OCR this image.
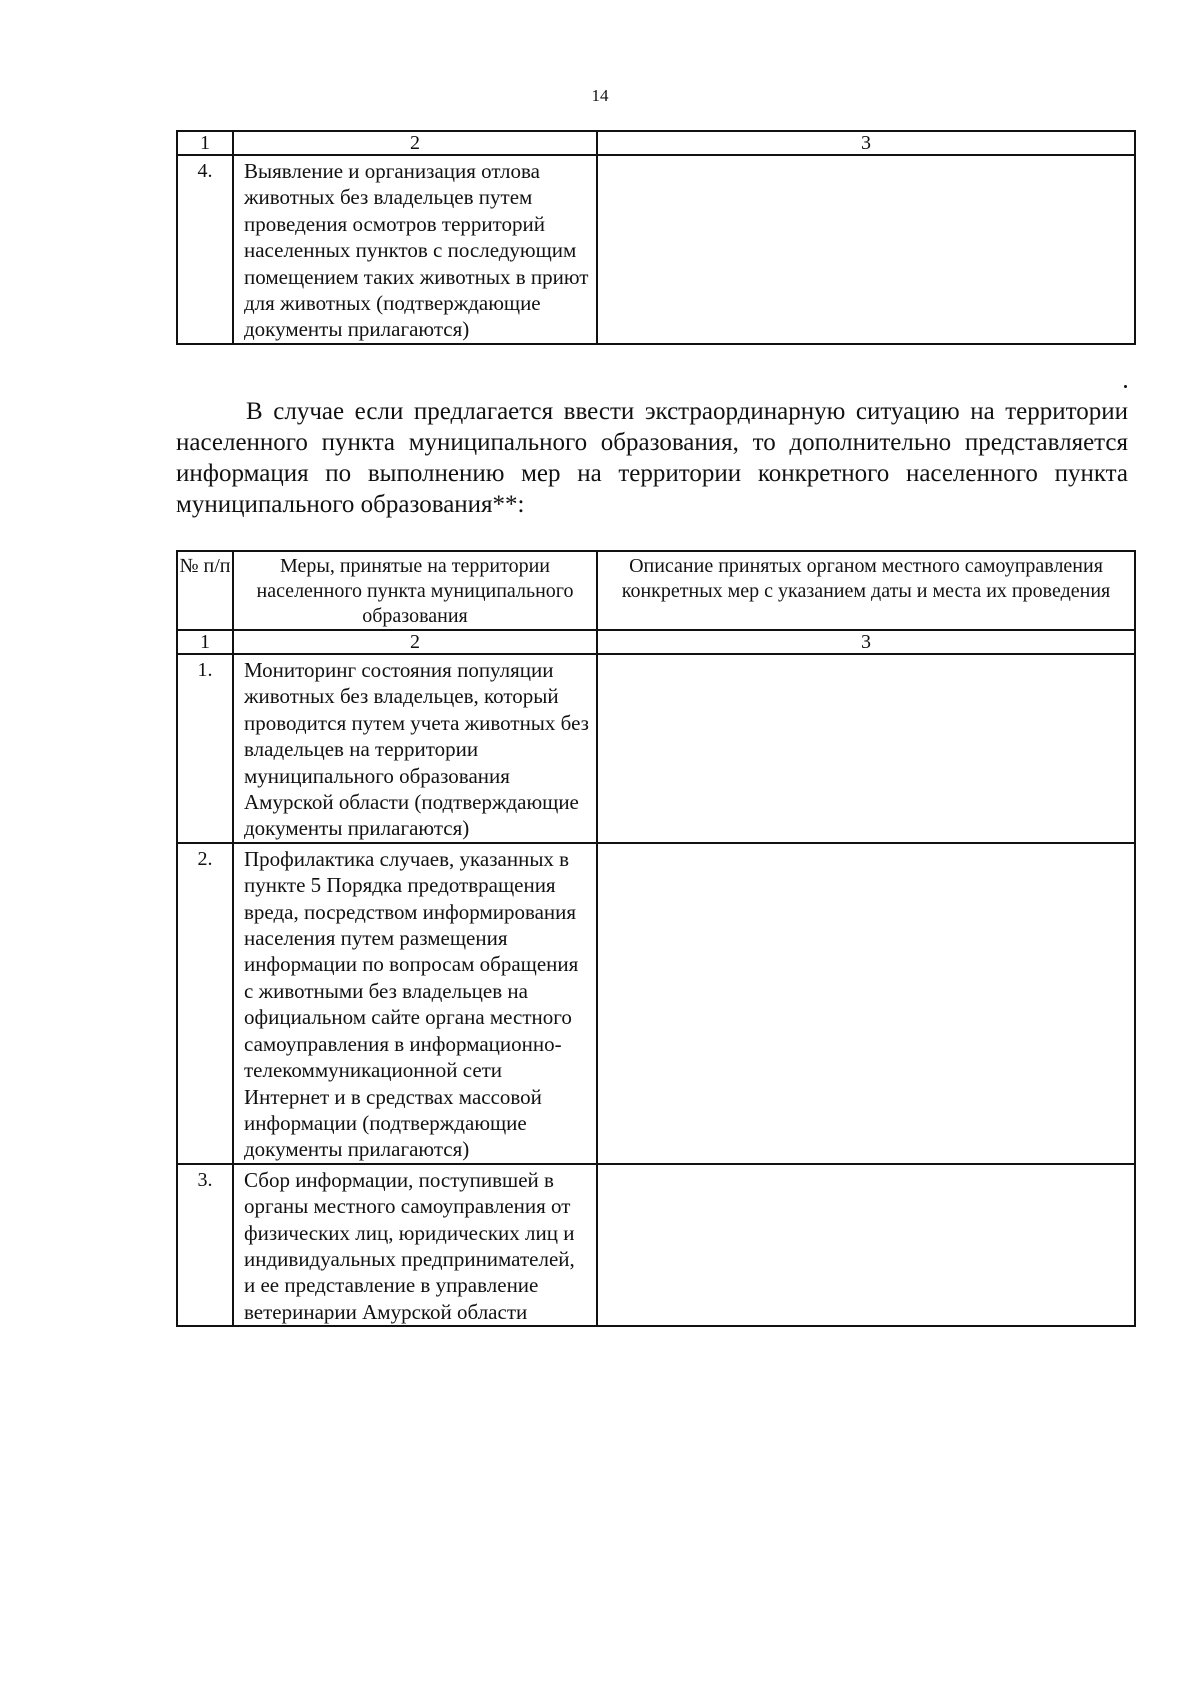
14
1	2	3
4.	Выявление и организация отлова животных без владельцев путем проведения осмотров территорий населенных пунктов с последующим помещением таких животных в приют для животных (подтверждающие документы прилагаются)	
В случае если предлагается ввести экстраординарную ситуацию на территории населенного пункта муниципального образования, то дополнительно представляется информация по выполнению мер на территории конкретного населенного пункта муниципального образования**:
№ п/п	Меры, принятые на территории населенного пункта муниципального образования	Описание принятых органом местного самоуправления конкретных мер с указанием даты и места их проведения
1	2	3
1.	Мониторинг состояния популяции животных без владельцев, который проводится путем учета животных без владельцев на территории муниципального образования Амурской области (подтверждающие документы прилагаются)	
2.	Профилактика случаев, указанных в пункте 5 Порядка предотвращения вреда, посредством информирования населения путем размещения информации по вопросам обращения с животными без владельцев на официальном сайте органа местного самоуправления в информационно-телекоммуникационной сети Интернет и в средствах массовой информации (подтверждающие документы прилагаются)	
3.	Сбор информации, поступившей в органы местного самоуправления от физических лиц, юридических лиц и индивидуальных предпринимателей, и ее представление в управление ветеринарии Амурской области	
